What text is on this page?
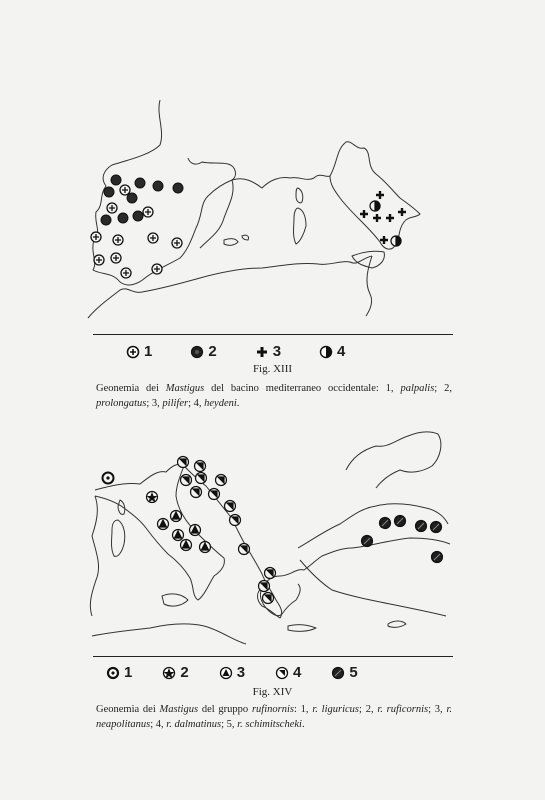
1	2	3	4
Fig. XIII
Geonemia dei Mastigus del bacino mediterraneo occidentale: 1, palpalis; 2, prolongatus; 3, pilifer; 4, heydeni.
1	2	3	4	5
Fig. XIV
Geonemia dei Mastigus del gruppo rufinornis: 1, r. liguricus; 2, r. ruficornis; 3, r. neapolitanus; 4, r. dalmatinus; 5, r. schimitscheki.
